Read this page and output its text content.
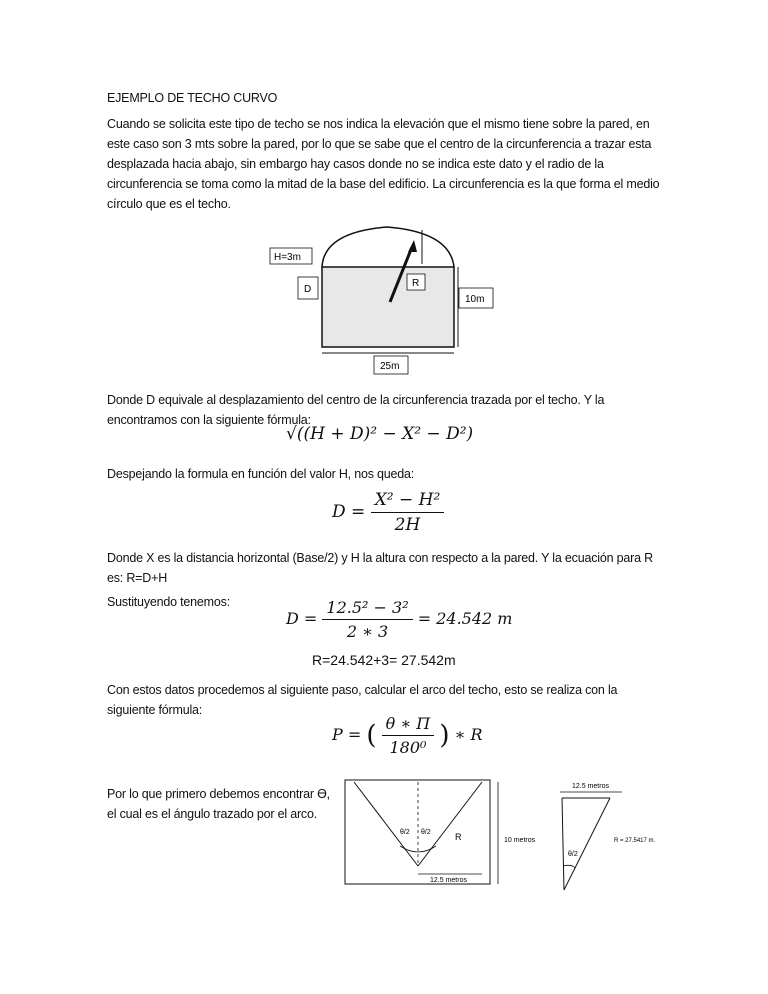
EJEMPLO DE TECHO CURVO

Cuando se solicita este tipo de techo se nos indica la elevación que el mismo tiene sobre la pared, en este caso son 3 mts sobre la pared, por lo que se sabe que el centro de la circunferencia a trazar esta desplazada hacia abajo, sin embargo hay casos donde no se indica este dato y el radio de la circunferencia se toma como la mitad de la base del edificio. La circunferencia es la que forma el medio círculo que es el techo.

H=3m
D
R
10m
25m

Donde D equivale al desplazamiento del centro de la circunferencia trazada por el techo. Y la encontramos con la siguiente fórmula:

√((H + D)² − X² − D²)

Despejando la formula en función del valor H, nos queda:

$D = \frac{\text{X² − H²}}{2H}$

Donde X es la distancia horizontal (Base/2) y H la altura con respecto a la pared. Y la ecuación para R es: R=D+H

Sustituyendo tenemos:

$D = \frac{\text{12.5² − 3²}}{2 ∗ 3} = 24.542$ m
R=24.542+3= 27.542m

Con estos datos procedemos al siguiente paso, calcular el arco del techo, esto se realiza con la siguiente fórmula:

P = ( $\frac{\theta ∗ \Pi}{\text{180⁰}}$ ) ∗ R

Por lo que primero debemos encontrar Ɵ, el cual es el ángulo trazado por el arco.

θ/2 θ/2	R
12.5 metros
10 metros
12.5 metros
θ/2
R = 27.5417 m.
